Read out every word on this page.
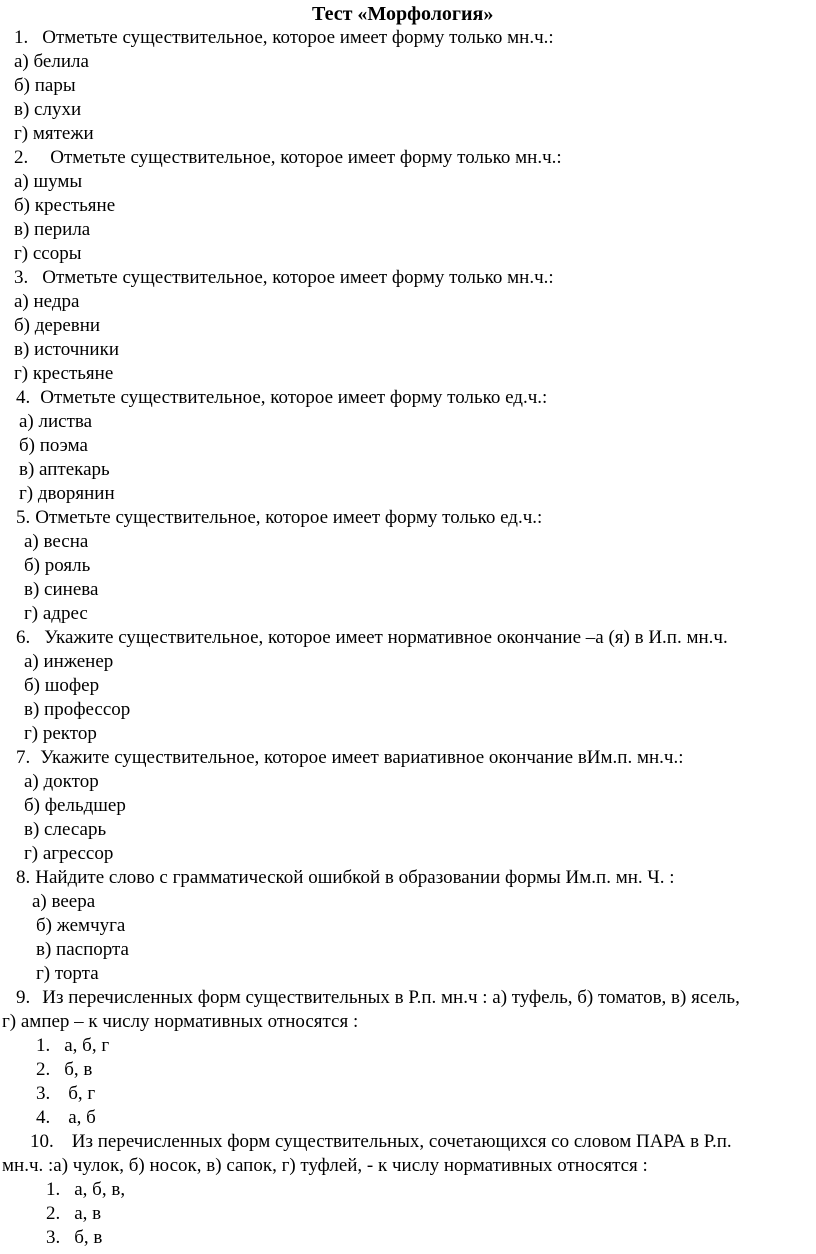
Тест «Морфология»
1. Отметьте существительное, которое имеет форму только мн.ч.:
а) белила
б) пары
в) слухи
г) мятежи
2. Отметьте существительное, которое имеет форму только мн.ч.:
а) шумы
б) крестьяне
в) перила
г) ссоры
3. Отметьте существительное, которое имеет форму только мн.ч.:
а) недра
б) деревни
в) источники
г) крестьяне
4. Отметьте существительное, которое имеет форму только ед.ч.:
а) листва
б) поэма
в) аптекарь
г) дворянин
5. Отметьте существительное, которое имеет форму только ед.ч.:
а) весна
б) рояль
в) синева
г) адрес
6. Укажите существительное, которое имеет нормативное окончание –а (я) в И.п. мн.ч.
а) инженер
б) шофер
в) профессор
г) ректор
7. Укажите существительное, которое имеет вариативное окончание вИм.п. мн.ч.:
а) доктор
б) фельдшер
в) слесарь
г) агрессор
8. Найдите слово с грамматической ошибкой в образовании формы Им.п. мн. Ч. :
а) веера
б) жемчуга
в) паспорта
г) торта
9. Из перечисленных форм существительных в Р.п. мн.ч : а) туфель, б) томатов, в) ясель,
г) ампер – к числу нормативных относятся :
1. а, б, г
2. б, в
3. б, г
4. а, б
10. Из перечисленных форм существительных, сочетающихся со словом ПАРА в Р.п.
мн.ч. :а) чулок, б) носок, в) сапок, г) туфлей, - к числу нормативных относятся :
1. а, б, в,
2. а, в
3. б, в
